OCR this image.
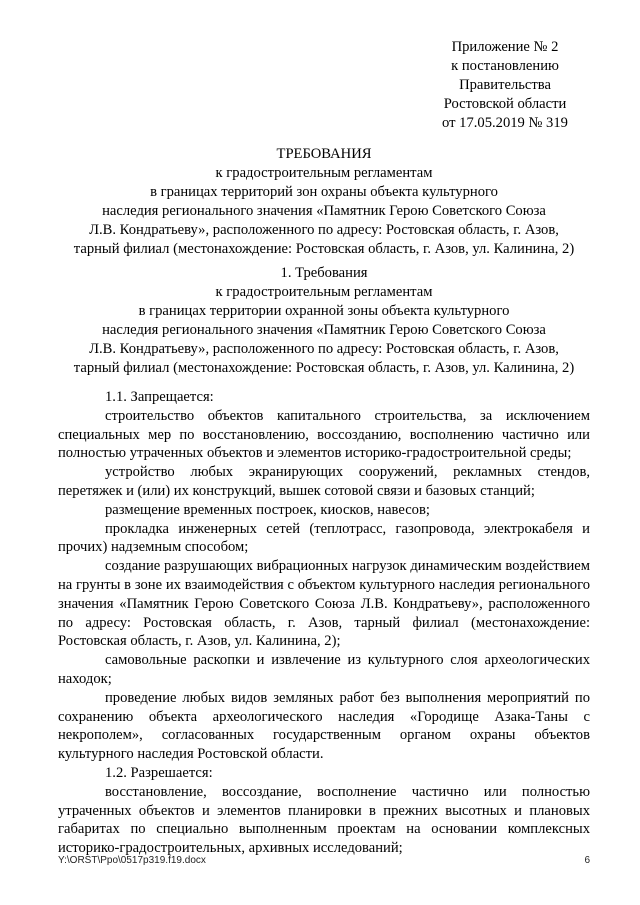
Приложение № 2
к постановлению
Правительства
Ростовской области
от 17.05.2019 № 319
ТРЕБОВАНИЯ
к градостроительным регламентам
в границах территорий зон охраны объекта культурного
наследия регионального значения «Памятник Герою Советского Союза
Л.В. Кондратьеву», расположенного по адресу: Ростовская область, г. Азов,
тарный филиал (местонахождение: Ростовская область, г. Азов, ул. Калинина, 2)
1. Требования
к градостроительным регламентам
в границах территории охранной зоны объекта культурного
наследия регионального значения «Памятник Герою Советского Союза
Л.В. Кондратьеву», расположенного по адресу: Ростовская область, г. Азов,
тарный филиал (местонахождение: Ростовская область, г. Азов, ул. Калинина, 2)

1.1. Запрещается:

строительство объектов капитального строительства, за исключением специальных мер по восстановлению, воссозданию, восполнению частично или полностью утраченных объектов и элементов историко-градостроительной среды;

устройство любых экранирующих сооружений, рекламных стендов, перетяжек и (или) их конструкций, вышек сотовой связи и базовых станций;

размещение временных построек, киосков, навесов;

прокладка инженерных сетей (теплотрасс, газопровода, электрокабеля и прочих) надземным способом;

создание разрушающих вибрационных нагрузок динамическим воздействием на грунты в зоне их взаимодействия с объектом культурного наследия регионального значения «Памятник Герою Советского Союза Л.В. Кондратьеву», расположенного по адресу: Ростовская область, г. Азов, тарный филиал (местонахождение: Ростовская область, г. Азов, ул. Калинина, 2);

самовольные раскопки и извлечение из культурного слоя археологических находок;

проведение любых видов земляных работ без выполнения мероприятий по сохранению объекта археологического наследия «Городище Азака-Таны с некрополем», согласованных государственным органом охраны объектов культурного наследия Ростовской области.

1.2. Разрешается:

восстановление, воссоздание, восполнение частично или полностью утраченных объектов и элементов планировки в прежних высотных и плановых габаритах по специально выполненным проектам на основании комплексных историко-градостроительных, архивных исследований;

Y:\ORST\Ppo\0517p319.f19.docx	6
